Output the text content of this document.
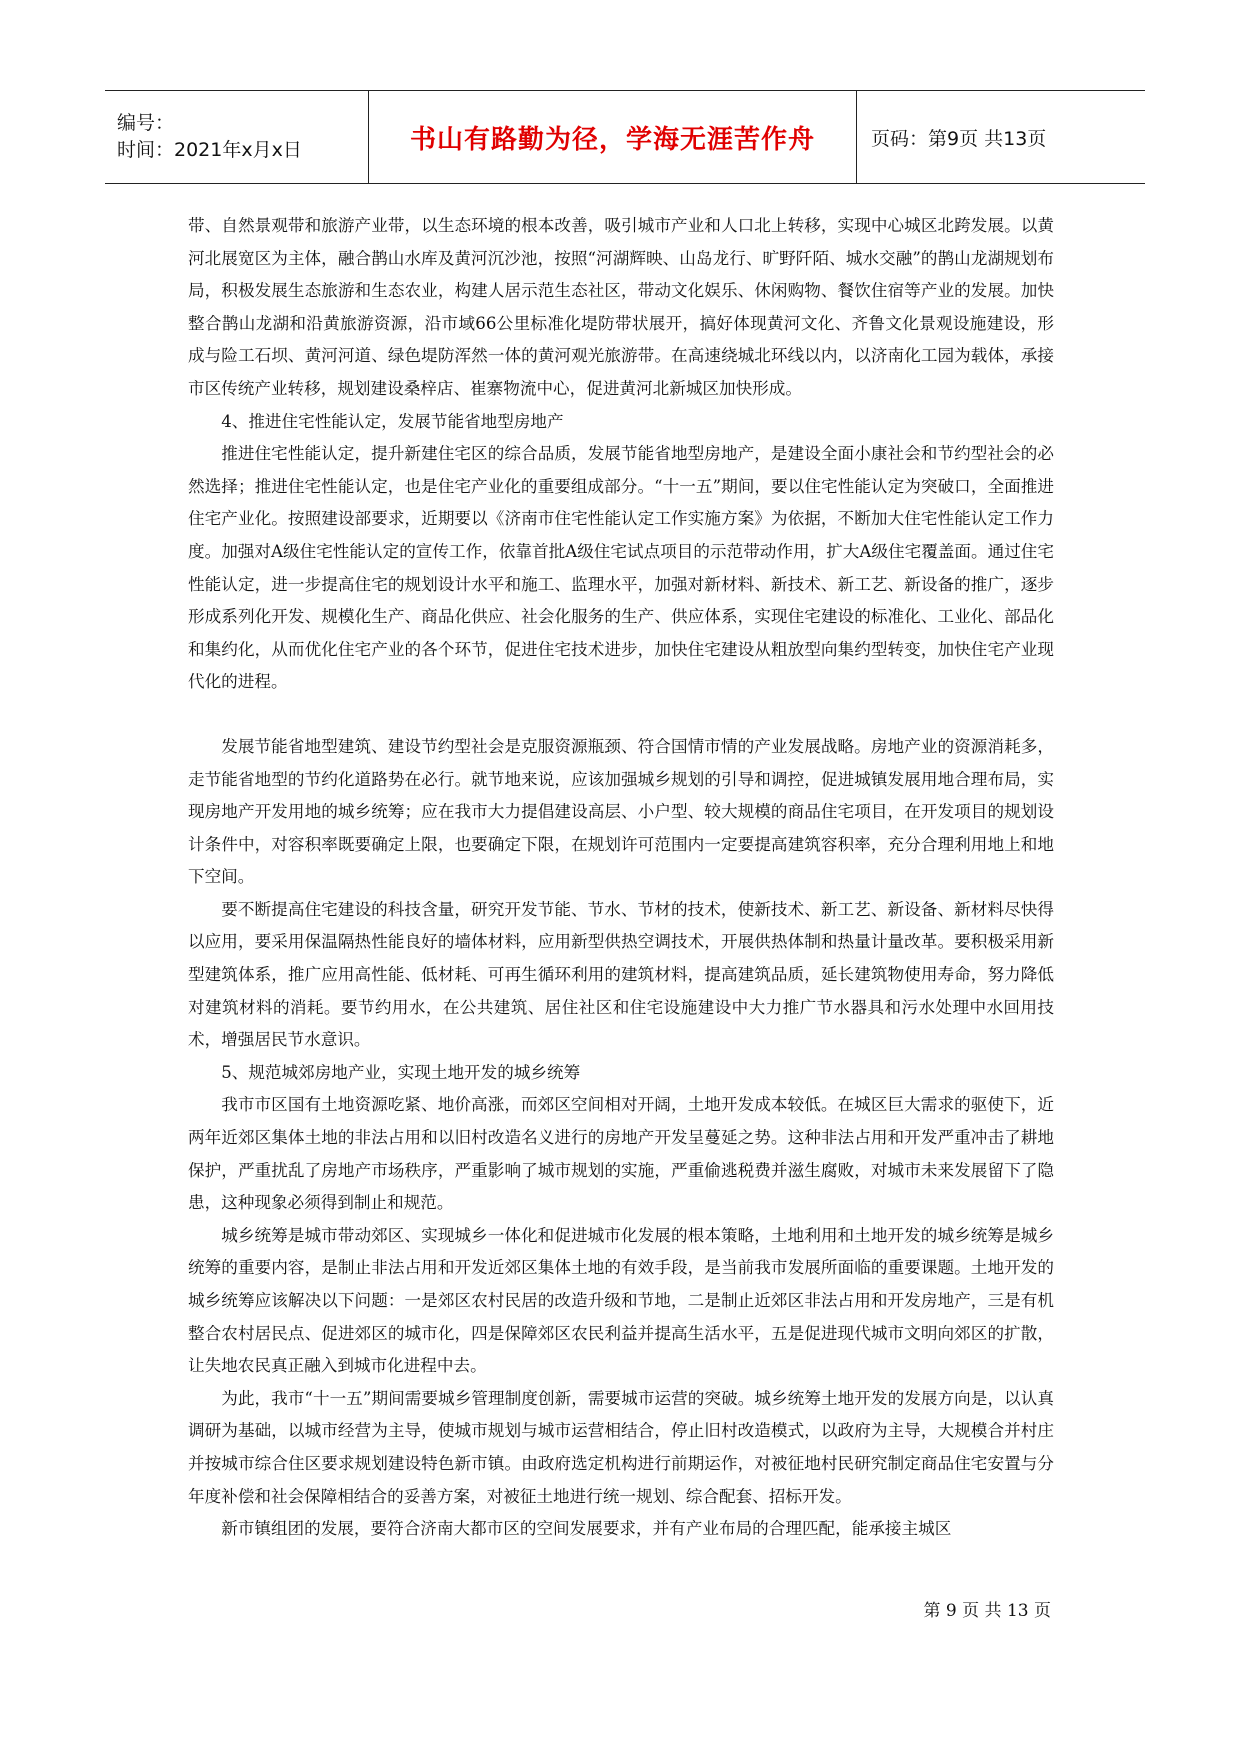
编号：
时间：2021年x月x日	书山有路勤为径，学海无涯苦作舟	页码：第9页 共13页

带、自然景观带和旅游产业带，以生态环境的根本改善，吸引城市产业和人口北上转移，实现中心城区北跨发展。以黄河北展宽区为主体，融合鹊山水库及黄河沉沙池，按照“河湖辉映、山岛龙行、旷野阡陌、城水交融”的鹊山龙湖规划布局，积极发展生态旅游和生态农业，构建人居示范生态社区，带动文化娱乐、休闲购物、餐饮住宿等产业的发展。加快整合鹊山龙湖和沿黄旅游资源，沿市域66公里标准化堤防带状展开，搞好体现黄河文化、齐鲁文化景观设施建设，形成与险工石坝、黄河河道、绿色堤防浑然一体的黄河观光旅游带。在高速绕城北环线以内，以济南化工园为载体，承接市区传统产业转移，规划建设桑梓店、崔寨物流中心，促进黄河北新城区加快形成。

4、推进住宅性能认定，发展节能省地型房地产

推进住宅性能认定，提升新建住宅区的综合品质，发展节能省地型房地产，是建设全面小康社会和节约型社会的必然选择；推进住宅性能认定，也是住宅产业化的重要组成部分。“十一五”期间，要以住宅性能认定为突破口，全面推进住宅产业化。按照建设部要求，近期要以《济南市住宅性能认定工作实施方案》为依据，不断加大住宅性能认定工作力度。加强对A级住宅性能认定的宣传工作，依靠首批A级住宅试点项目的示范带动作用，扩大A级住宅覆盖面。通过住宅性能认定，进一步提高住宅的规划设计水平和施工、监理水平，加强对新材料、新技术、新工艺、新设备的推广，逐步形成系列化开发、规模化生产、商品化供应、社会化服务的生产、供应体系，实现住宅建设的标准化、工业化、部品化和集约化，从而优化住宅产业的各个环节，促进住宅技术进步，加快住宅建设从粗放型向集约型转变，加快住宅产业现代化的进程。

发展节能省地型建筑、建设节约型社会是克服资源瓶颈、符合国情市情的产业发展战略。房地产业的资源消耗多，走节能省地型的节约化道路势在必行。就节地来说，应该加强城乡规划的引导和调控，促进城镇发展用地合理布局，实现房地产开发用地的城乡统筹；应在我市大力提倡建设高层、小户型、较大规模的商品住宅项目，在开发项目的规划设计条件中，对容积率既要确定上限，也要确定下限，在规划许可范围内一定要提高建筑容积率，充分合理利用地上和地下空间。

要不断提高住宅建设的科技含量，研究开发节能、节水、节材的技术，使新技术、新工艺、新设备、新材料尽快得以应用，要采用保温隔热性能良好的墙体材料，应用新型供热空调技术，开展供热体制和热量计量改革。要积极采用新型建筑体系，推广应用高性能、低材耗、可再生循环利用的建筑材料，提高建筑品质，延长建筑物使用寿命，努力降低对建筑材料的消耗。要节约用水，在公共建筑、居住社区和住宅设施建设中大力推广节水器具和污水处理中水回用技术，增强居民节水意识。

5、规范城郊房地产业，实现土地开发的城乡统筹

我市市区国有土地资源吃紧、地价高涨，而郊区空间相对开阔，土地开发成本较低。在城区巨大需求的驱使下，近两年近郊区集体土地的非法占用和以旧村改造名义进行的房地产开发呈蔓延之势。这种非法占用和开发严重冲击了耕地保护，严重扰乱了房地产市场秩序，严重影响了城市规划的实施，严重偷逃税费并滋生腐败，对城市未来发展留下了隐患，这种现象必须得到制止和规范。

城乡统筹是城市带动郊区、实现城乡一体化和促进城市化发展的根本策略，土地利用和土地开发的城乡统筹是城乡统筹的重要内容，是制止非法占用和开发近郊区集体土地的有效手段，是当前我市发展所面临的重要课题。土地开发的城乡统筹应该解决以下问题：一是郊区农村民居的改造升级和节地，二是制止近郊区非法占用和开发房地产，三是有机整合农村居民点、促进郊区的城市化，四是保障郊区农民利益并提高生活水平，五是促进现代城市文明向郊区的扩散，让失地农民真正融入到城市化进程中去。

为此，我市“十一五”期间需要城乡管理制度创新，需要城市运营的突破。城乡统筹土地开发的发展方向是，以认真调研为基础，以城市经营为主导，使城市规划与城市运营相结合，停止旧村改造模式，以政府为主导，大规模合并村庄并按城市综合住区要求规划建设特色新市镇。由政府选定机构进行前期运作，对被征地村民研究制定商品住宅安置与分年度补偿和社会保障相结合的妥善方案，对被征土地进行统一规划、综合配套、招标开发。

新市镇组团的发展，要符合济南大都市区的空间发展要求，并有产业布局的合理匹配，能承接主城区

第 9 页 共 13 页
